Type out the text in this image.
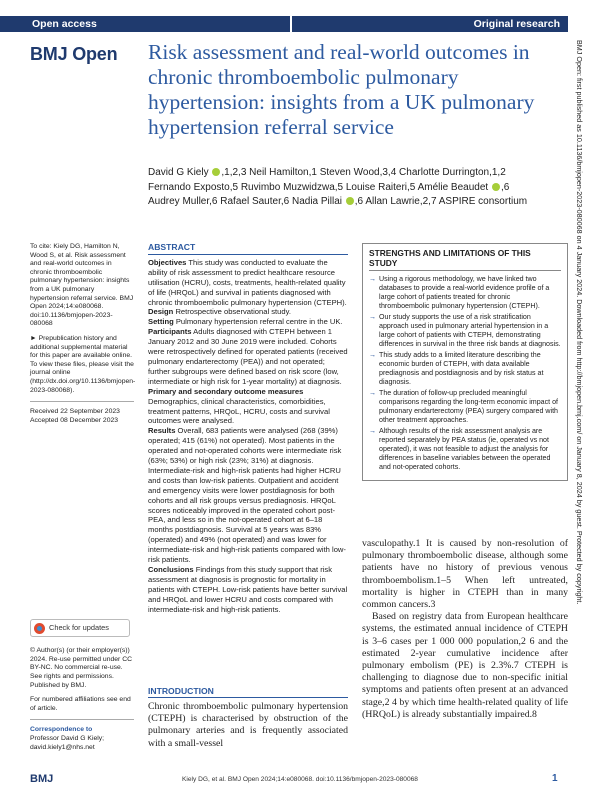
Open access	Original research
BMJ Open Risk assessment and real-world outcomes in chronic thromboembolic pulmonary hypertension: insights from a UK pulmonary hypertension referral service
David G Kiely ,1,2,3 Neil Hamilton,1 Steven Wood,3,4 Charlotte Durrington,1,2
Fernando Exposto,5 Ruvimbo Muzwidzwa,5 Louise Raiteri,5 Amélie Beaudet ,6
Audrey Muller,6 Rafael Sauter,6 Nadia Pillai ,6 Allan Lawrie,2,7 ASPIRE consortium

To cite: Kiely DG, Hamilton N, Wood S, et al. Risk assessment and real-world outcomes in chronic thromboembolic pulmonary hypertension: insights from a UK pulmonary hypertension referral service. BMJ Open 2024;14:e080068. doi:10.1136/bmjopen-2023-080068

► Prepublication history and additional supplemental material for this paper are available online. To view these files, please visit the journal online (http://dx.doi.org/10.1136/bmjopen-2023-080068).

Received 22 September 2023
Accepted 08 December 2023
Check for updates

© Author(s) (or their employer(s)) 2024. Re-use permitted under CC BY-NC. No commercial re-use. See rights and permissions. Published by BMJ.

For numbered affiliations see end of article.

Correspondence to
Professor David G Kiely; david.kiely1@nhs.net
ABSTRACT
Objectives This study was conducted to evaluate the ability of risk assessment to predict healthcare resource utilisation (HCRU), costs, treatments, health-related quality of life (HRQoL) and survival in patients diagnosed with chronic thromboembolic pulmonary hypertension (CTEPH).
Design Retrospective observational study.
Setting Pulmonary hypertension referral centre in the UK.
Participants Adults diagnosed with CTEPH between 1 January 2012 and 30 June 2019 were included. Cohorts were retrospectively defined for operated patients (received pulmonary endarterectomy (PEA)) and not operated; further subgroups were defined based on risk score (low, intermediate or high risk for 1-year mortality) at diagnosis.
Primary and secondary outcome measures Demographics, clinical characteristics, comorbidities, treatment patterns, HRQoL, HCRU, costs and survival outcomes were analysed.
Results Overall, 683 patients were analysed (268 (39%) operated; 415 (61%) not operated). Most patients in the operated and not-operated cohorts were intermediate risk (63%; 53%) or high risk (23%; 31%) at diagnosis. Intermediate-risk and high-risk patients had higher HCRU and costs than low-risk patients. Outpatient and accident and emergency visits were lower postdiagnosis for both cohorts and all risk groups versus prediagnosis. HRQoL scores noticeably improved in the operated cohort post-PEA, and less so in the not-operated cohort at 6–18 months postdiagnosis. Survival at 5 years was 83% (operated) and 49% (not operated) and was lower for intermediate-risk and high-risk patients compared with low-risk patients.
Conclusions Findings from this study support that risk assessment at diagnosis is prognostic for mortality in patients with CTEPH. Low-risk patients have better survival and HRQoL and lower HCRU and costs compared with intermediate-risk and high-risk patients.
INTRODUCTION
Chronic thromboembolic pulmonary hypertension (CTEPH) is characterised by obstruction of the pulmonary arteries and is frequently associated with a small-vessel
STRENGTHS AND LIMITATIONS OF THIS STUDY
→ Using a rigorous methodology, we have linked two databases to provide a real-world evidence profile of a large cohort of patients treated for chronic thromboembolic pulmonary hypertension (CTEPH).
→ Our study supports the use of a risk stratification approach used in pulmonary arterial hypertension in a large cohort of patients with CTEPH, demonstrating differences in survival in the three risk bands at diagnosis.
→ This study adds to a limited literature describing the economic burden of CTEPH, with data available prediagnosis and postdiagnosis and by risk status at diagnosis.
→ The duration of follow-up precluded meaningful comparisons regarding the long-term economic impact of pulmonary endarterectomy (PEA) surgery compared with other treatment approaches.
→ Although results of the risk assessment analysis are reported separately by PEA status (ie, operated vs not operated), it was not feasible to adjust the analysis for differences in baseline variables between the operated and not-operated cohorts.

vasculopathy.1 It is caused by non-resolution of pulmonary thromboembolic disease, although some patients have no history of previous venous thromboembolism.1–5 When left untreated, mortality is higher in CTEPH than in many common cancers.3

Based on registry data from European healthcare systems, the estimated annual incidence of CTEPH is 3–6 cases per 1 000 000 population,2 6 and the estimated 2-year cumulative incidence after pulmonary embolism (PE) is 2.3%.7 CTEPH is challenging to diagnose due to non-specific initial symptoms and patients often present at an advanced stage,2 4 by which time health-related quality of life (HRQoL) is already substantially impaired.8

BMJ Open: first published as 10.1136/bmjopen-2023-080068 on 4 January 2024. Downloaded from http://bmjopen.bmj.com/ on January 8, 2024 by guest. Protected by copyright.
Kiely DG, et al. BMJ Open 2024;14:e080068. doi:10.1136/bmjopen-2023-080068
BMJ	1
